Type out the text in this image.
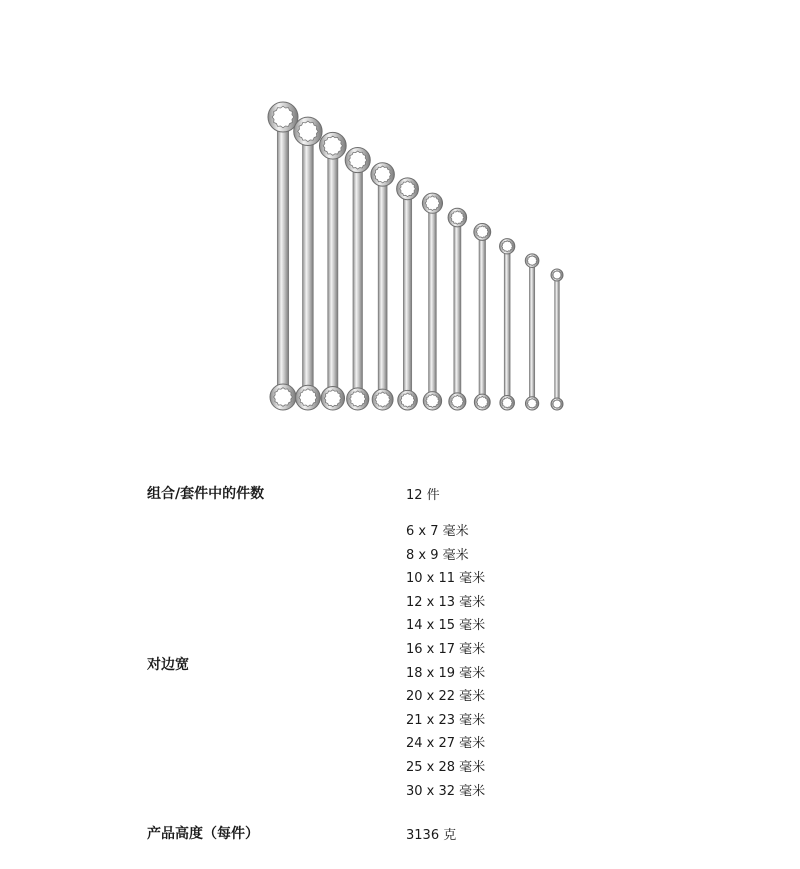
组合/套件中的件数	12 件
对边宽
6 x 7 毫米
8 x 9 毫米
10 x 11 毫米
12 x 13 毫米
14 x 15 毫米
16 x 17 毫米
18 x 19 毫米
20 x 22 毫米
21 x 23 毫米
24 x 27 毫米
25 x 28 毫米
30 x 32 毫米
产品高度（每件）	3136 克
